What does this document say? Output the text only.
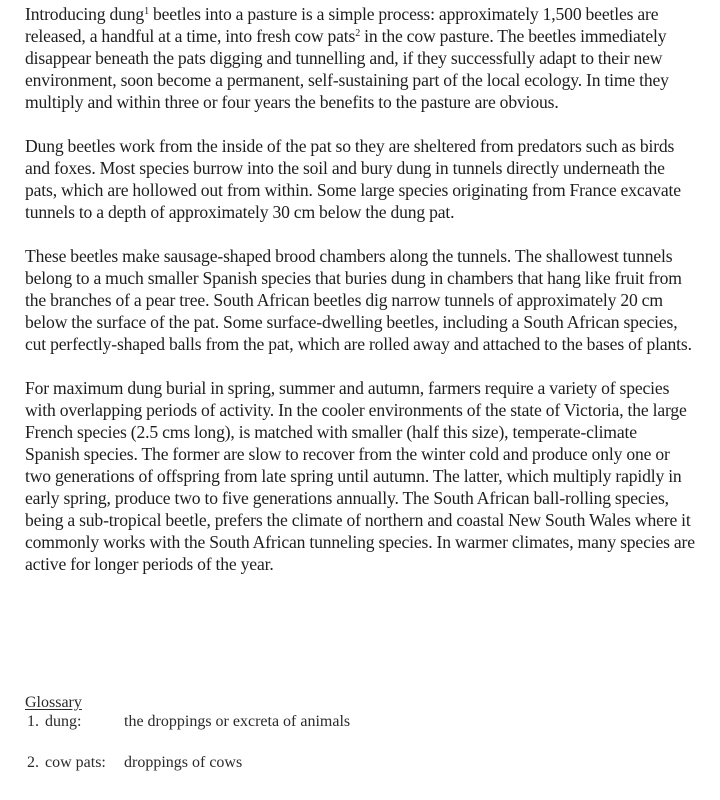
Introducing dung$^1$ beetles into a pasture is a simple process: approximately 1,500 beetles are released, a handful at a time, into fresh cow pats$^2$ in the cow pasture. The beetles immediately disappear beneath the pats digging and tunnelling and, if they successfully adapt to their new environment, soon become a permanent, self-sustaining part of the local ecology. In time they multiply and within three or four years the benefits to the pasture are obvious.

Dung beetles work from the inside of the pat so they are sheltered from predators such as birds and foxes. Most species burrow into the soil and bury dung in tunnels directly underneath the pats, which are hollowed out from within. Some large species originating from France excavate tunnels to a depth of approximately 30 cm below the dung pat.

These beetles make sausage-shaped brood chambers along the tunnels. The shallowest tunnels belong to a much smaller Spanish species that buries dung in chambers that hang like fruit from the branches of a pear tree. South African beetles dig narrow tunnels of approximately 20 cm below the surface of the pat. Some surface-dwelling beetles, including a South African species, cut perfectly-shaped balls from the pat, which are rolled away and attached to the bases of plants.

For maximum dung burial in spring, summer and autumn, farmers require a variety of species with overlapping periods of activity. In the cooler environments of the state of Victoria, the large French species (2.5 cms long), is matched with smaller (half this size), temperate-climate Spanish species. The former are slow to recover from the winter cold and produce only one or two generations of offspring from late spring until autumn. The latter, which multiply rapidly in early spring, produce two to five generations annually. The South African ball-rolling species, being a sub-tropical beetle, prefers the climate of northern and coastal New South Wales where it commonly works with the South African tunneling species. In warmer climates, many species are active for longer periods of the year.

Glossary
1. dung:	the droppings or excreta of animals
2. cow pats:	droppings of cows
